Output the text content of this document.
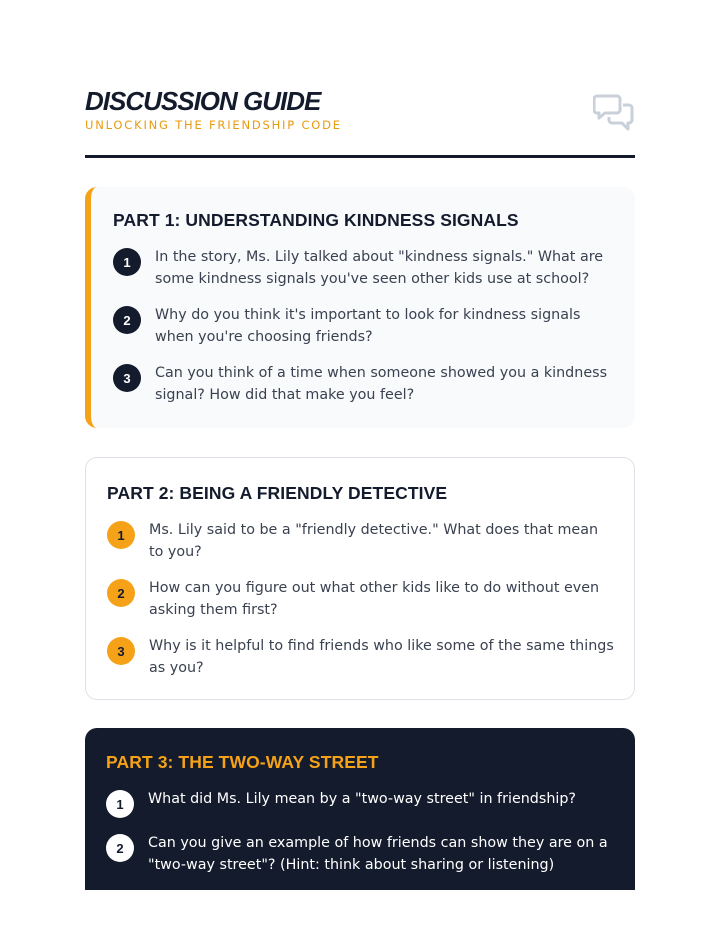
DISCUSSION GUIDE
UNLOCKING THE FRIENDSHIP CODE
PART 1: UNDERSTANDING KINDNESS SIGNALS
1	In the story, Ms. Lily talked about "kindness signals." What are some kindness signals you've seen other kids use at school?
2	Why do you think it's important to look for kindness signals when you're choosing friends?
3	Can you think of a time when someone showed you a kindness signal? How did that make you feel?
PART 2: BEING A FRIENDLY DETECTIVE
1	Ms. Lily said to be a "friendly detective." What does that mean to you?
2	How can you figure out what other kids like to do without even asking them first?
3	Why is it helpful to find friends who like some of the same things as you?
PART 3: THE TWO-WAY STREET
1	What did Ms. Lily mean by a "two-way street" in friendship?
2	Can you give an example of how friends can show they are on a "two-way street"? (Hint: think about sharing or listening)
